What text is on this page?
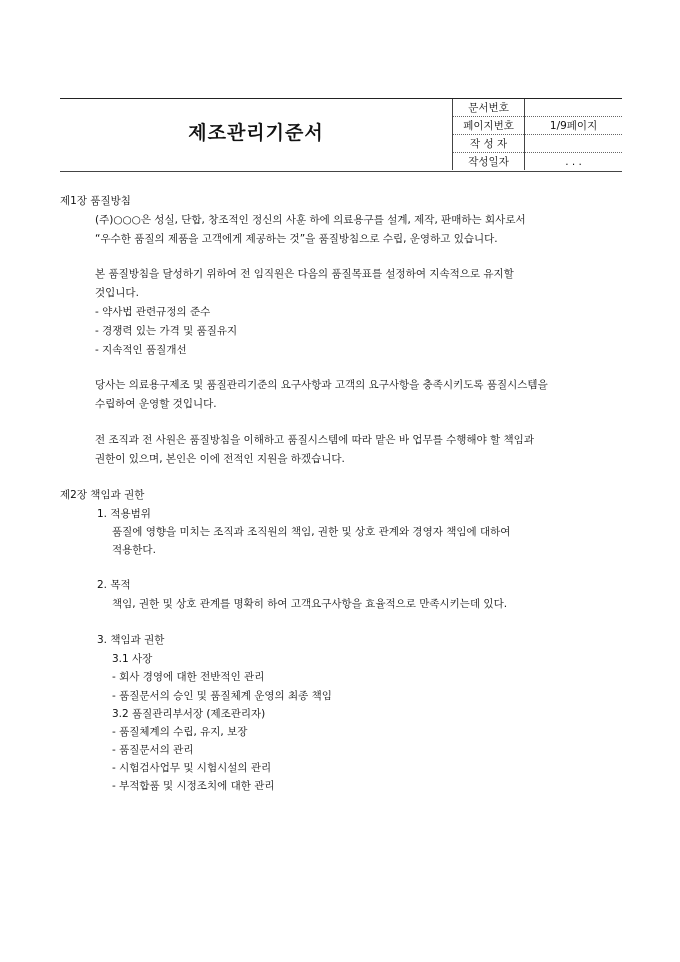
제조관리기준서
문서번호	
페이지번호	1/9페이지
작 성 자	
작성일자	. . .
제1장 품질방침
(주)○○○은 성실, 단합, 창조적인 정신의 사훈 하에 의료용구를 설계, 제작, 판매하는 회사로서
“우수한 품질의 제품을 고객에게 제공하는 것”을 품질방침으로 수립, 운영하고 있습니다.
본 품질방침을 달성하기 위하여 전 임직원은 다음의 품질목표를 설정하여 지속적으로 유지할
것입니다.
- 약사법 관련규정의 준수
- 경쟁력 있는 가격 및 품질유지
- 지속적인 품질개선
당사는 의료용구제조 및 품질관리기준의 요구사항과 고객의 요구사항을 충족시키도록 품질시스템을
수립하여 운영할 것입니다.
전 조직과 전 사원은 품질방침을 이해하고 품질시스템에 따라 맡은 바 업무를 수행해야 할 책임과
권한이 있으며, 본인은 이에 전적인 지원을 하겠습니다.
제2장 책임과 권한
1. 적용범위
품질에 영향을 미치는 조직과 조직원의 책임, 권한 및 상호 관계와 경영자 책임에 대하여
적용한다.
2. 목적
책임, 권한 및 상호 관계를 명확히 하여 고객요구사항을 효율적으로 만족시키는데 있다.
3. 책임과 권한
3.1 사장
- 회사 경영에 대한 전반적인 관리
- 품질문서의 승인 및 품질체계 운영의 최종 책임
3.2 품질관리부서장 (제조관리자)
- 품질체계의 수립, 유지, 보장
- 품질문서의 관리
- 시험검사업무 및 시험시설의 관리
- 부적합품 및 시정조치에 대한 관리
